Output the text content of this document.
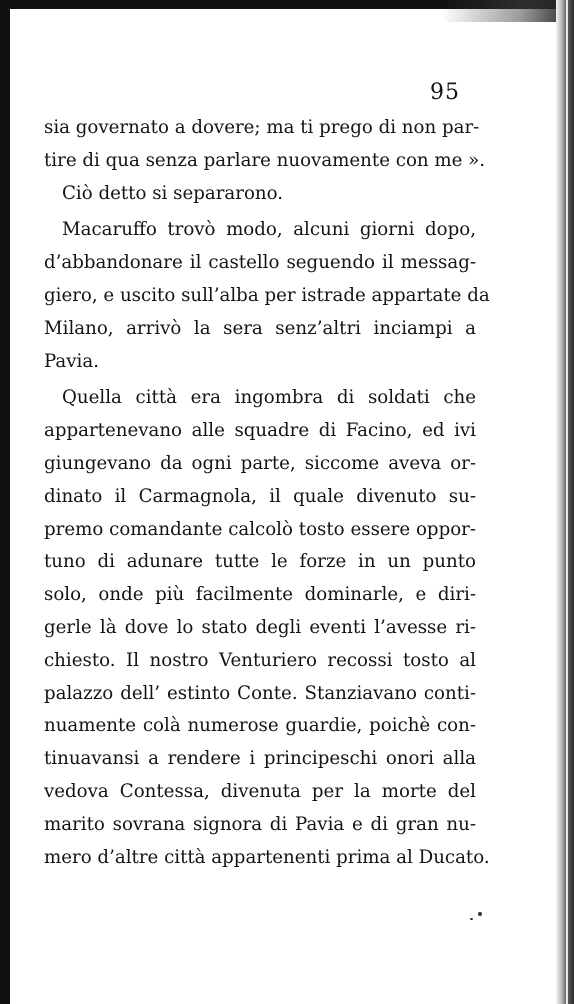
95
sia governato a dovere; ma ti prego di non par-
tire di qua senza parlare nuovamente con me ».
Ciò detto si separarono.
Macaruffo trovò modo, alcuni giorni dopo,
d’abbandonare il castello seguendo il messag-
giero, e uscito sull’alba per istrade appartate da
Milano, arrivò la sera senz’altri inciampi a
Pavia.
Quella città era ingombra di soldati che
appartenevano alle squadre di Facino, ed ivi
giungevano da ogni parte, siccome aveva or-
dinato il Carmagnola, il quale divenuto su-
premo comandante calcolò tosto essere oppor-
tuno di adunare tutte le forze in un punto
solo, onde più facilmente dominarle, e diri-
gerle là dove lo stato degli eventi l’avesse ri-
chiesto. Il nostro Venturiero recossi tosto al
palazzo dell’ estinto Conte. Stanziavano conti-
nuamente colà numerose guardie, poichè con-
tinuavansi a rendere i principeschi onori alla
vedova Contessa, divenuta per la morte del
marito sovrana signora di Pavia e di gran nu-
mero d’altre città appartenenti prima al Ducato.
